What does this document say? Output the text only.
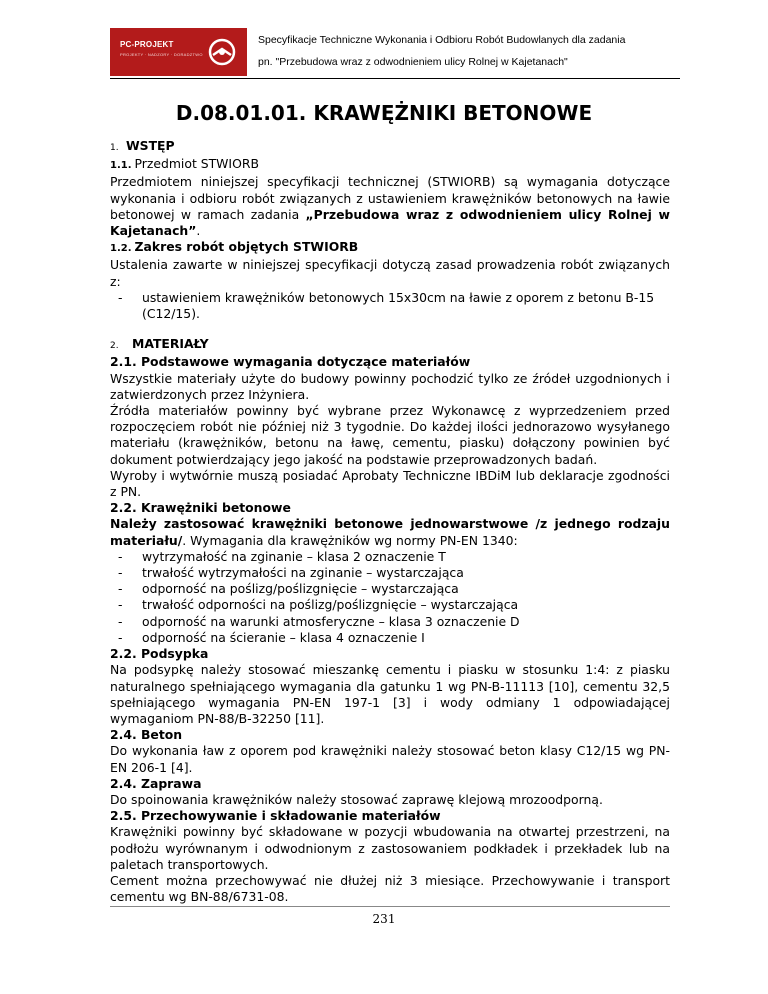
PC-PROJEKT
PROJEKTY · NADZORY · DORADZTWO
Specyfikacje Techniczne Wykonania i Odbioru Robót Budowlanych dla zadania
pn. "Przebudowa wraz z odwodnieniem ulicy Rolnej w Kajetanach"
D.08.01.01. KRAWĘŻNIKI BETONOWE
1. WSTĘP
1.1. Przedmiot STWIORB

Przedmiotem niniejszej specyfikacji technicznej (STWIORB) są wymagania dotyczące wykonania i odbioru robót związanych z ustawieniem krawężników betonowych na ławie betonowej w ramach zadania „Przebudowa wraz z odwodnieniem ulicy Rolnej w Kajetanach”.

1.2. Zakres robót objętych STWIORB

Ustalenia zawarte w niniejszej specyfikacji dotyczą zasad prowadzenia robót związanych z:

- ustawieniem krawężników betonowych 15x30cm na ławie z oporem z betonu B-15 (C12/15).
2. MATERIAŁY
2.1. Podstawowe wymagania dotyczące materiałów

Wszystkie materiały użyte do budowy powinny pochodzić tylko ze źródeł uzgodnionych i zatwierdzonych przez Inżyniera.

Źródła materiałów powinny być wybrane przez Wykonawcę z wyprzedzeniem przed rozpoczęciem robót nie później niż 3 tygodnie. Do każdej ilości jednorazowo wysyłanego materiału (krawężników, betonu na ławę, cementu, piasku) dołączony powinien być dokument potwierdzający jego jakość na podstawie przeprowadzonych badań.

Wyroby i wytwórnie muszą posiadać Aprobaty Techniczne IBDiM lub deklaracje zgodności z PN.

2.2. Krawężniki betonowe

Należy zastosować krawężniki betonowe jednowarstwowe /z jednego rodzaju materiału/. Wymagania dla krawężników wg normy PN-EN 1340:

- wytrzymałość na zginanie – klasa 2 oznaczenie T
- trwałość wytrzymałości na zginanie – wystarczająca
- odporność na poślizg/poślizgnięcie – wystarczająca
- trwałość odporności na poślizg/poślizgnięcie – wystarczająca
- odporność na warunki atmosferyczne – klasa 3 oznaczenie D
- odporność na ścieranie – klasa 4 oznaczenie I
2.2. Podsypka

Na podsypkę należy stosować mieszankę cementu i piasku w stosunku 1:4: z piasku naturalnego spełniającego wymagania dla gatunku 1 wg PN-B-11113 [10], cementu 32,5 spełniającego wymagania PN-EN 197-1 [3] i wody odmiany 1 odpowiadającej wymaganiom PN-88/B-32250 [11].

2.4. Beton

Do wykonania ław z oporem pod krawężniki należy stosować beton klasy C12/15 wg PN-EN 206-1 [4].

2.4. Zaprawa

Do spoinowania krawężników należy stosować zaprawę klejową mrozoodporną.

2.5. Przechowywanie i składowanie materiałów

Krawężniki powinny być składowane w pozycji wbudowania na otwartej przestrzeni, na podłożu wyrównanym i odwodnionym z zastosowaniem podkładek i przekładek lub na paletach transportowych.

Cement można przechowywać nie dłużej niż 3 miesiące. Przechowywanie i transport cementu wg BN-88/6731-08.

231
